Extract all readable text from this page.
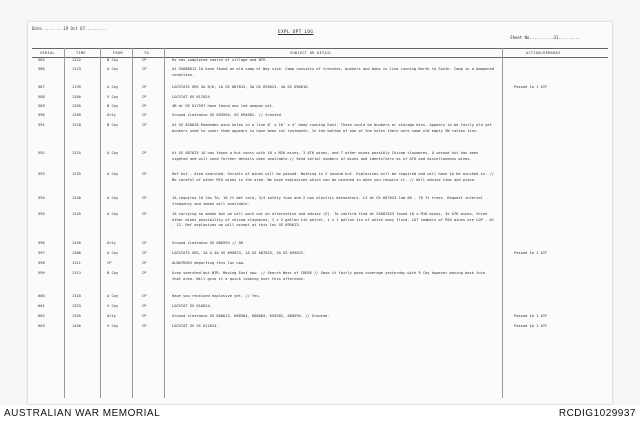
Date.........19 Oct 67.........
EXPL OPT LOG
Sheet No..........31.........
SERIAL	TIME	FROM	TO	SUBJECT OR DETAIL	ACTION/REMARKS
585	1122	B Coy	CP	Hs has completed search of village and NTR.
586	1123	A Coy	CP	At GS688612 1A have found an old camp of Way size. Camp consists of trenches, bunkers and bobs in line running North to South. Camp in a dampened condition.
587	1139	A Coy	CP	LOCSTATS GRS 3A 8/6, 1A GS 687623, 3A GS 695623, 4A GS 696616.	Passed to 1 ATF
588	1200	V Coy	CP	LOCSTAT GS 617624
589	1205	B Coy	CP	4B at GS 617597 have found one led weapon pit.
590	1209	Arty	CP	Ground clearance GS 655594, GS 694602. // Granted
591	1218	B Coy	CP	At GS 620628 Roadsmen mine holes in a line 8' x 10' x 4' deep running East. These could be bunkers or storage bins. Appears to be fairly old yet bunkers used to cover them appears to have been cut lastmonth. In the bottom of one of the holes there were some old empty VN ration tins.
592	1225	A Coy	CP	At GS 687623 1A has found a hut conts with 10 x M16 mines, 3 ATK mines, and 7 other mines possibly Chicom claymores. A second hut has been sighted and will send further details when available.// Send serial numbers of mines and identifiers as of ATK and miscellaneous mines.
593	1235	A Coy	CP	Ref hut - Area searched. Serials of mines will be passed. Nothing in 2 second hut. Explosives will be required and will have to be winched in. // Be careful of other M16 mines in the area. We have explosives which can be winched in when you require it. // Will advise time and place.
594	1240	A Coy	CP	1A requires 10 lbs TA, 10 ft det cord, 3/4 safety fuse and 2 non electric detonators. LZ at GS 687623 lam 60 - 70 ft trees. Request interval frequency and smoke will available.
595	1245	A Coy	CP	1A carrying no smoke but we will work out an alternative and advise (Z). To confirm find at GS687623 found 10 x M16 mines, 3x ATK mines, three other mines possibility of chicom claymores, 1 x 2 gallon tin petrol, 1 x 1 gallon tin of white waxy fluid. LOT numbers of M16 mines are LOP - 61 - 12. Ref explosives we will accept at this loc GS 695623.
596	1250	Arty	CP	Ground clearance GS 686593 // OK
597	1300	A Coy	CP	LOCSTATS GRS, 2A & 4A GS 695623, 1A GS 687623, 3A GS 695625.	Passed to 1 ATF
598	1311	CP	CP	ALBATROSS departing this loc now.
599	1313	B Coy	CP	Area searched but NTR. Moving East now. // Search West of CREEK // Gave it fairly good coverage yesterday with 9 Coy however moving back into that area. Will give it a quick looking over this afternoon.
600	1318	A Coy	CP	Have you received explosive yet. // Yes.
601	1333	V Coy	CP	LOCSTAT GS 616624.
602	1345	Arty	CP	Ground clearance GS 668613, 660584, 668604, 655582, 668594. // Granted.	Passed to 1 ATF
603	1456	V Coy	CP	LOCSTAT 3V GS 611624.	Passed to 1 ATF
AUSTRALIAN WAR MEMORIAL	RCDIG1029937
